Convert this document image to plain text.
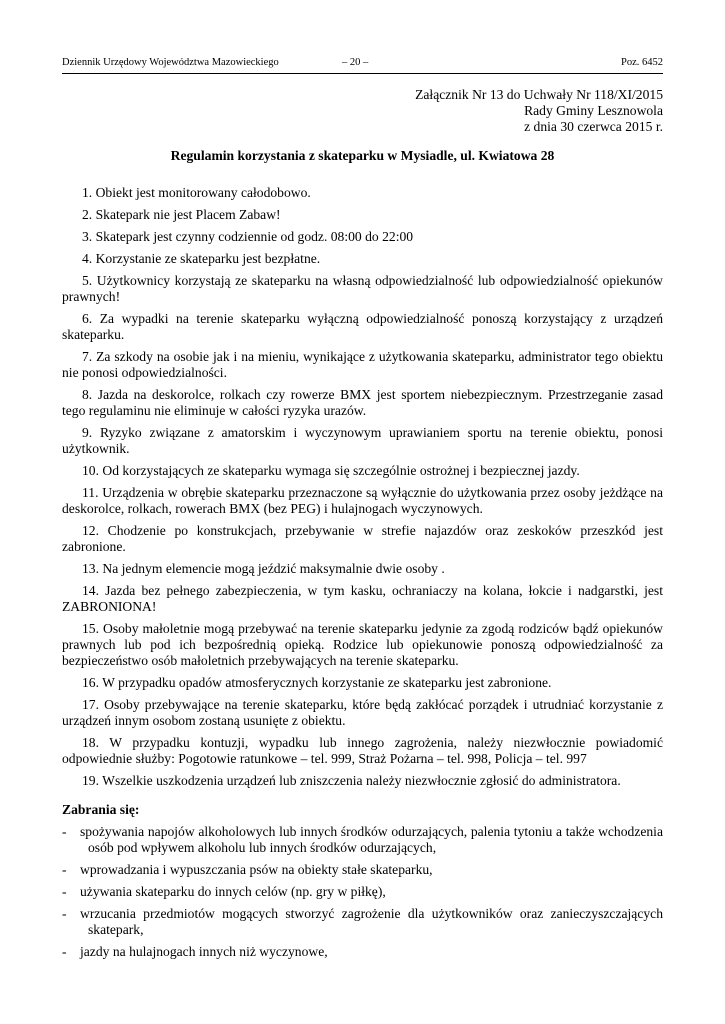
Dziennik Urzędowy Województwa Mazowieckiego	– 20 –	Poz. 6452
Załącznik Nr 13 do Uchwały Nr 118/XI/2015
Rady Gminy Lesznowola
z dnia 30 czerwca 2015 r.
Regulamin korzystania z skateparku w Mysiadle, ul. Kwiatowa 28
1. Obiekt jest monitorowany całodobowo.
2. Skatepark nie jest Placem Zabaw!
3. Skatepark jest czynny codziennie od godz. 08:00 do 22:00
4. Korzystanie ze skateparku jest bezpłatne.
5. Użytkownicy korzystają ze skateparku na własną odpowiedzialność lub odpowiedzialność opiekunów prawnych!
6. Za wypadki na terenie skateparku wyłączną odpowiedzialność ponoszą korzystający z urządzeń skateparku.
7. Za szkody na osobie jak i na mieniu, wynikające z użytkowania skateparku, administrator tego obiektu nie ponosi odpowiedzialności.
8. Jazda na deskorolce, rolkach czy rowerze BMX jest sportem niebezpiecznym. Przestrzeganie zasad tego regulaminu nie eliminuje w całości ryzyka urazów.
9. Ryzyko związane z amatorskim i wyczynowym uprawianiem sportu na terenie obiektu, ponosi użytkownik.
10. Od korzystających ze skateparku wymaga się szczególnie ostrożnej i bezpiecznej jazdy.
11. Urządzenia w obrębie skateparku przeznaczone są wyłącznie do użytkowania przez osoby jeżdżące na deskorolce, rolkach, rowerach BMX (bez PEG) i hulajnogach wyczynowych.
12. Chodzenie po konstrukcjach, przebywanie w strefie najazdów oraz zeskoków przeszkód jest zabronione.
13. Na jednym elemencie mogą jeździć maksymalnie dwie osoby .
14. Jazda bez pełnego zabezpieczenia, w tym kasku, ochraniaczy na kolana, łokcie i nadgarstki, jest ZABRONIONA!
15. Osoby małoletnie mogą przebywać na terenie skateparku jedynie za zgodą rodziców bądź opiekunów prawnych lub pod ich bezpośrednią opieką. Rodzice lub opiekunowie ponoszą odpowiedzialność za bezpieczeństwo osób małoletnich przebywających na terenie skateparku.
16. W przypadku opadów atmosferycznych korzystanie ze skateparku jest zabronione.
17. Osoby przebywające na terenie skateparku, które będą zakłócać porządek i utrudniać korzystanie z urządzeń innym osobom zostaną usunięte z obiektu.
18. W przypadku kontuzji, wypadku lub innego zagrożenia, należy niezwłocznie powiadomić odpowiednie służby: Pogotowie ratunkowe – tel. 999, Straż Pożarna – tel. 998, Policja – tel. 997
19. Wszelkie uszkodzenia urządzeń lub zniszczenia należy niezwłocznie zgłosić do administratora.
Zabrania się:
- spożywania napojów alkoholowych lub innych środków odurzających, palenia tytoniu a także wchodzenia osób pod wpływem alkoholu lub innych środków odurzających,
- wprowadzania i wypuszczania psów na obiekty stałe skateparku,
- używania skateparku do innych celów (np. gry w piłkę),
- wrzucania przedmiotów mogących stworzyć zagrożenie dla użytkowników oraz zanieczyszczających skatepark,
- jazdy na hulajnogach innych niż wyczynowe,
